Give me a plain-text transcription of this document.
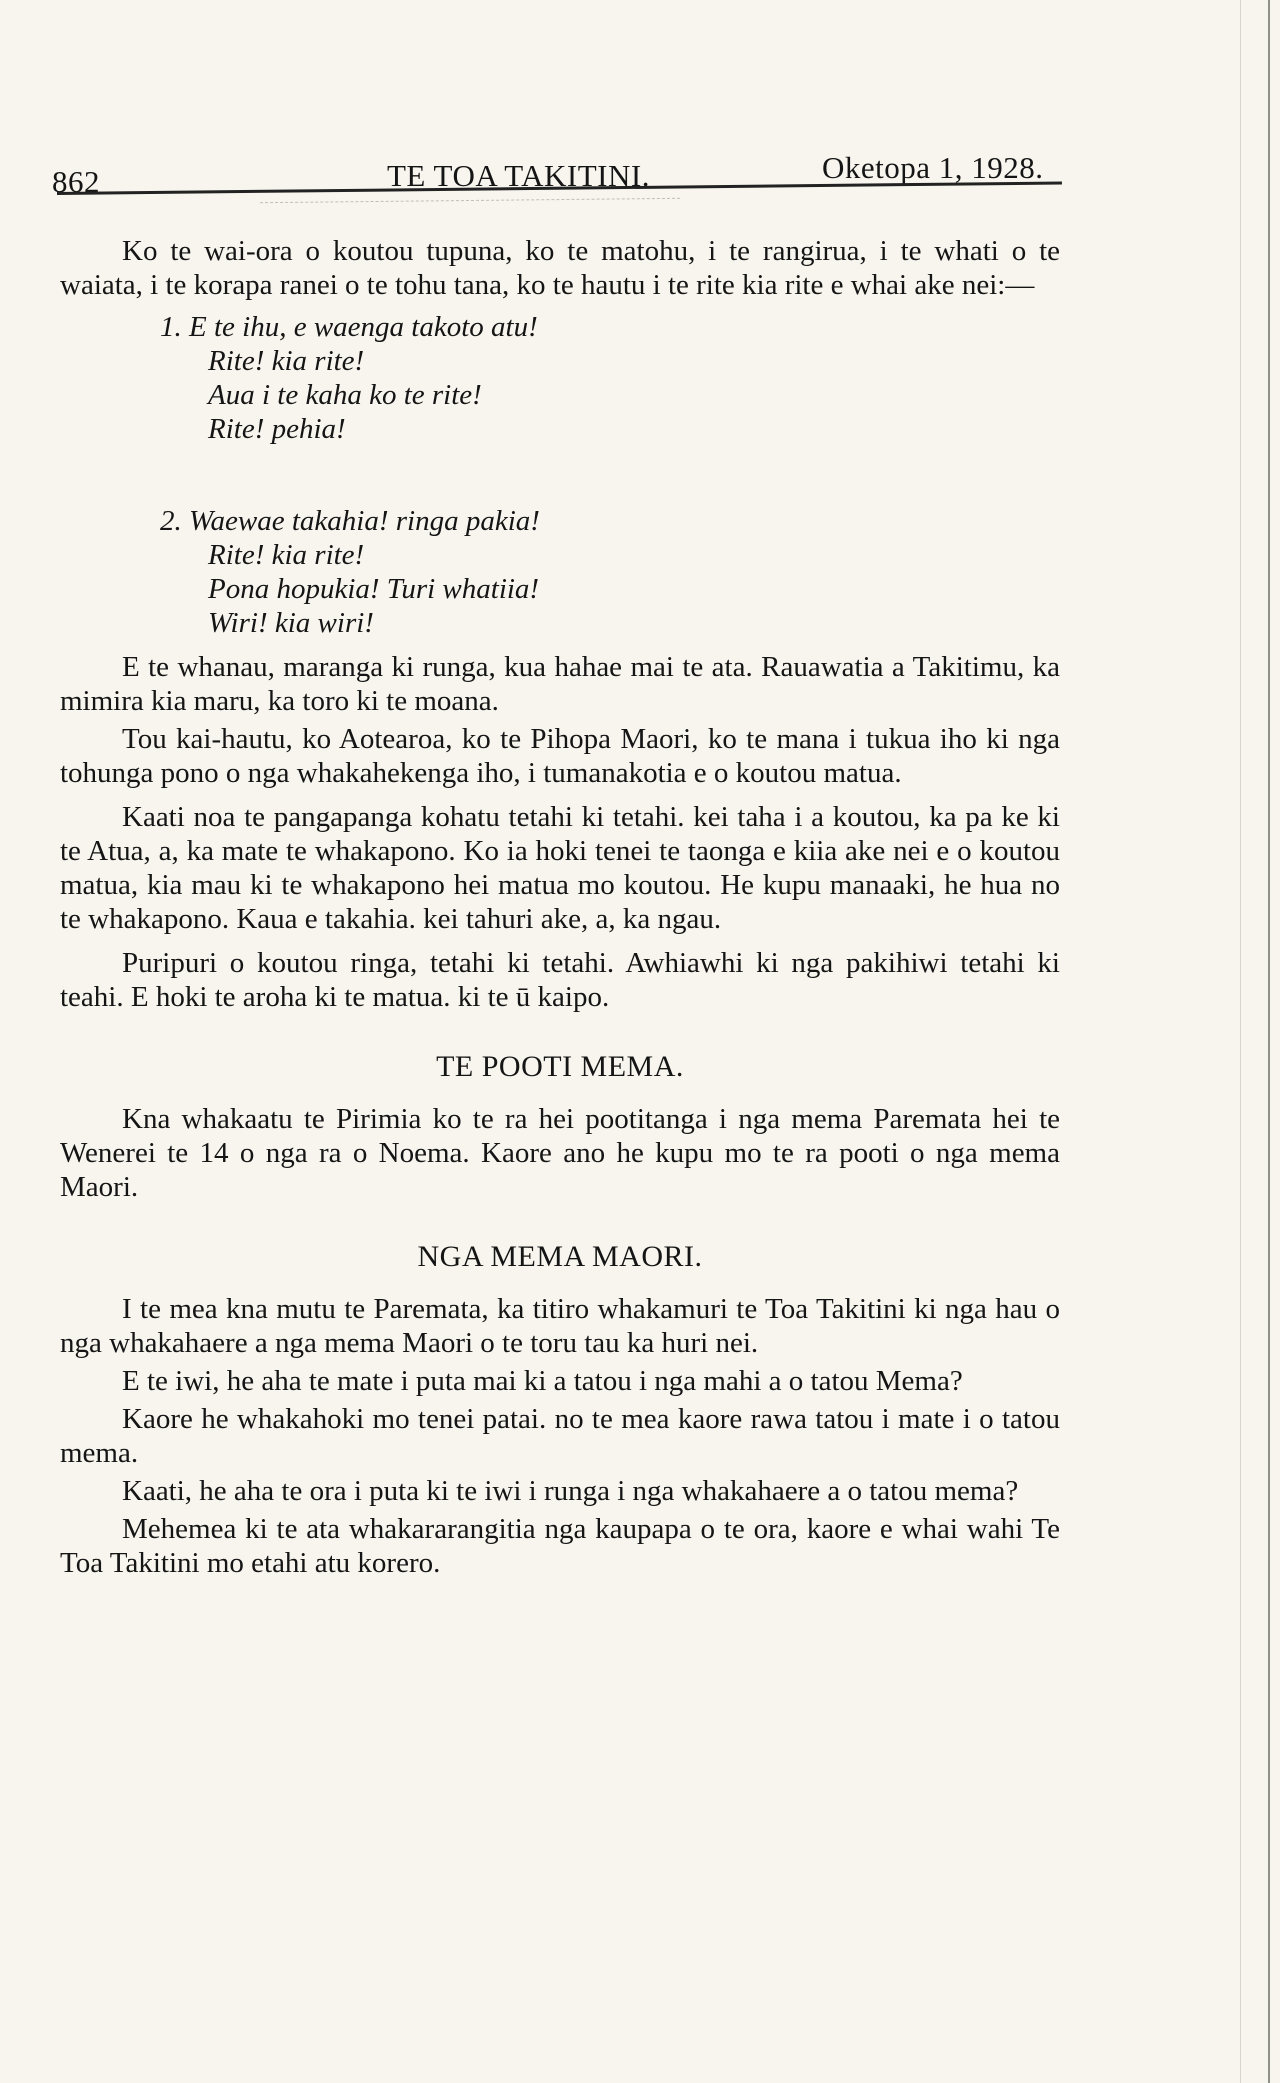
862	TE TOA TAKITINI.	Oketopa 1, 1928.

Ko te wai-ora o koutou tupuna, ko te matohu, i te rangirua, i te whati o te waiata, i te korapa ranei o te tohu tana, ko te hautu i te rite kia rite e whai ake nei:—

1. E te ihu, e waenga takoto atu!
Rite! kia rite!
Aua i te kaha ko te rite!
Rite! pehia!
2. Waewae takahia! ringa pakia!
Rite! kia rite!
Pona hopukia! Turi whatiia!
Wiri! kia wiri!

E te whanau, maranga ki runga, kua hahae mai te ata. Rauawatia a Takitimu, ka mimira kia maru, ka toro ki te moana.

Tou kai-hautu, ko Aotearoa, ko te Pihopa Maori, ko te mana i tukua iho ki nga tohunga pono o nga whakahekenga iho, i tumanakotia e o koutou matua.

Kaati noa te pangapanga kohatu tetahi ki tetahi. kei taha i a koutou, ka pa ke ki te Atua, a, ka mate te whakapono. Ko ia hoki tenei te taonga e kiia ake nei e o koutou matua, kia mau ki te whakapono hei matua mo koutou. He kupu manaaki, he hua no te whakapono. Kaua e takahia. kei tahuri ake, a, ka ngau.

Puripuri o koutou ringa, tetahi ki tetahi. Awhiawhi ki nga pakihiwi tetahi ki teahi. E hoki te aroha ki te matua. ki te ū kaipo.

TE POOTI MEMA.

Kna whakaatu te Pirimia ko te ra hei pootitanga i nga mema Paremata hei te Wenerei te 14 o nga ra o Noema. Kaore ano he kupu mo te ra pooti o nga mema Maori.

NGA MEMA MAORI.

I te mea kna mutu te Paremata, ka titiro whakamuri te Toa Takitini ki nga hau o nga whakahaere a nga mema Maori o te toru tau ka huri nei.

E te iwi, he aha te mate i puta mai ki a tatou i nga mahi a o tatou Mema?

Kaore he whakahoki mo tenei patai. no te mea kaore rawa tatou i mate i o tatou mema.

Kaati, he aha te ora i puta ki te iwi i runga i nga whakahaere a o tatou mema?

Mehemea ki te ata whakararangitia nga kaupapa o te ora, kaore e whai wahi Te Toa Takitini mo etahi atu korero.
